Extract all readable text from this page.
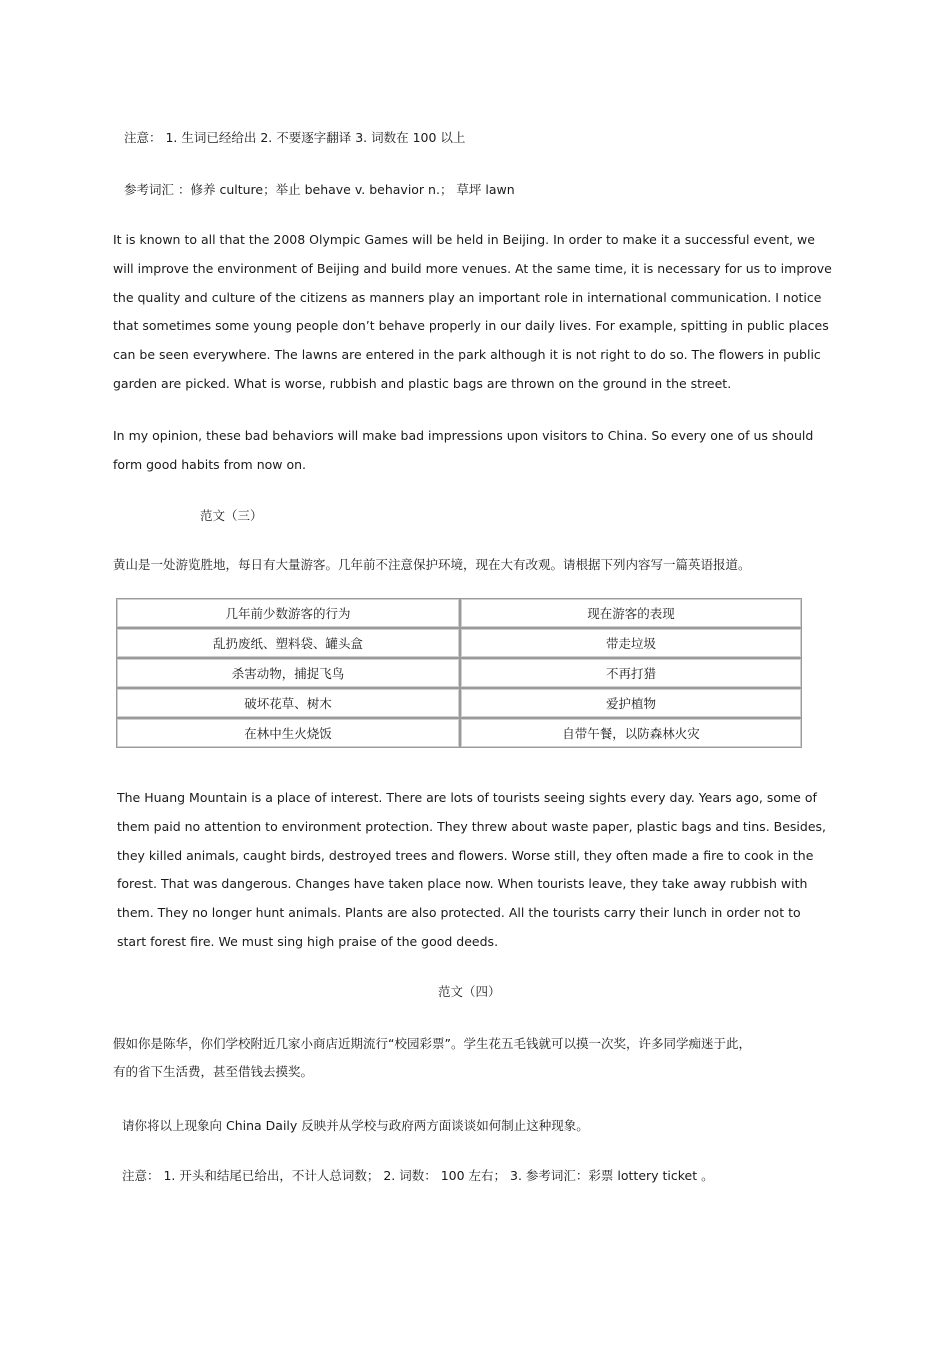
注意： 1. 生词已经给出 2. 不要逐字翻译 3. 词数在 100 以上
参考词汇 ：修养 culture；举止 behave v. behavior n.； 草坪 lawn
It is known to all that the 2008 Olympic Games will be held in Beijing. In order to make it a successful event, we will improve the environment of Beijing and build more venues. At the same time, it is necessary for us to improve the quality and culture of the citizens as manners play an important role in international communication. I notice that sometimes some young people don’t behave properly in our daily lives. For example, spitting in public places can be seen everywhere. The lawns are entered in the park although it is not right to do so. The flowers in public garden are picked. What is worse, rubbish and plastic bags are thrown on the ground in the street.
In my opinion, these bad behaviors will make bad impressions upon visitors to China. So every one of us should form good habits from now on.
范文（三）
黄山是一处游览胜地，每日有大量游客。几年前不注意保护环境，现在大有改观。请根据下列内容写一篇英语报道。
几年前少数游客的行为	现在游客的表现
乱扔废纸、塑料袋、罐头盒	带走垃圾
杀害动物，捕捉飞鸟	不再打猎
破坏花草、树木	爱护植物
在林中生火烧饭	自带午餐，以防森林火灾
The Huang Mountain is a place of interest. There are lots of tourists seeing sights every day. Years ago, some of them paid no attention to environment protection. They threw about waste paper, plastic bags and tins. Besides, they killed animals, caught birds, destroyed trees and flowers. Worse still, they often made a fire to cook in the forest. That was dangerous. Changes have taken place now. When tourists leave, they take away rubbish with them. They no longer hunt animals. Plants are also protected. All the tourists carry their lunch in order not to start forest fire. We must sing high praise of the good deeds.
范文（四）
假如你是陈华，你们学校附近几家小商店近期流行“校园彩票”。学生花五毛钱就可以摸一次奖，许多同学痴迷于此，
有的省下生活费，甚至借钱去摸奖。
请你将以上现象向 China Daily 反映并从学校与政府两方面谈谈如何制止这种现象。
注意： 1. 开头和结尾已给出，不计人总词数； 2. 词数： 100 左右； 3. 参考词汇：彩票 lottery ticket 。
